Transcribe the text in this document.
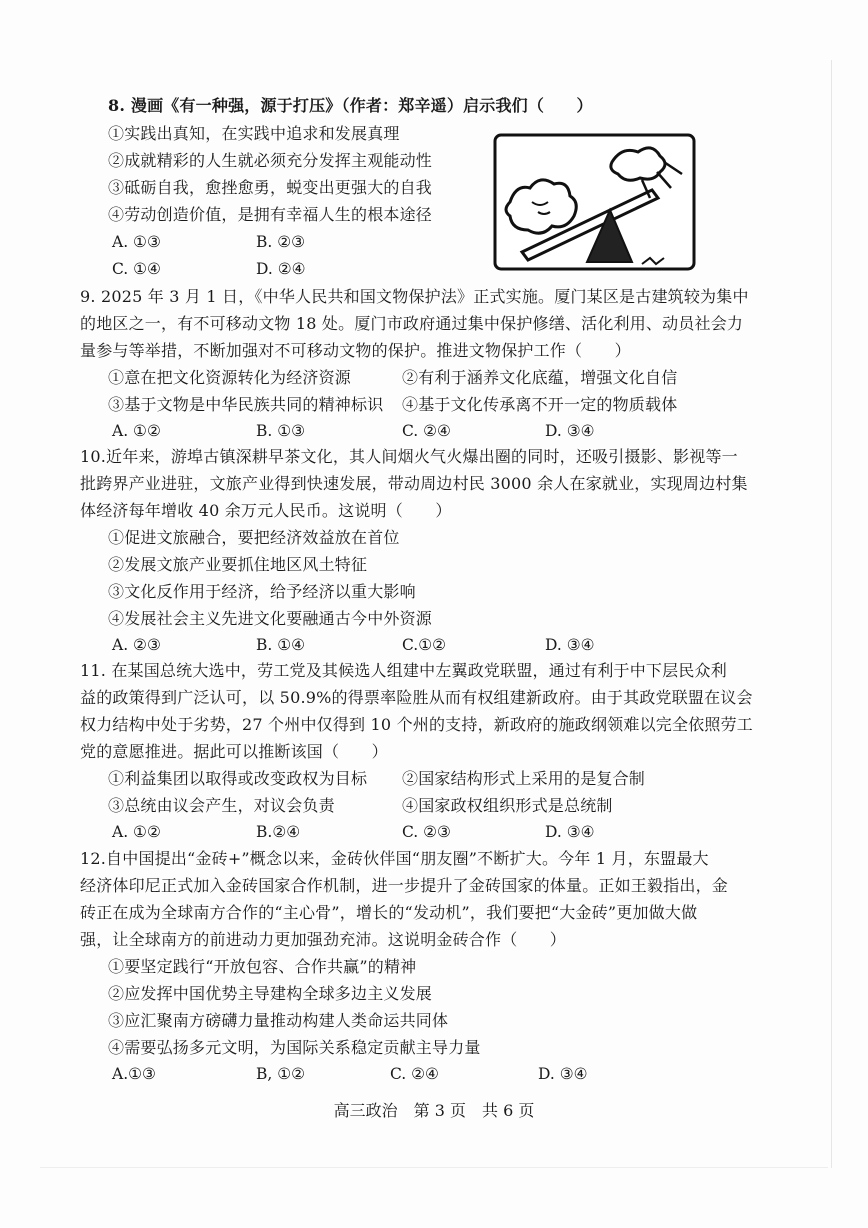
8. 漫画《有一种强，源于打压》（作者：郑辛遥）启示我们（　　）
①实践出真知，在实践中追求和发展真理
②成就精彩的人生就必须充分发挥主观能动性
③砥砺自我，愈挫愈勇，蜕变出更强大的自我
④劳动创造价值，是拥有幸福人生的根本途径
A. ①③	B. ②③
C. ①④	D. ②④
9. 2025 年 3 月 1 日，《中华人民共和国文物保护法》正式实施。厦门某区是古建筑较为集中
的地区之一，有不可移动文物 18 处。厦门市政府通过集中保护修缮、活化利用、动员社会力
量参与等举措，不断加强对不可移动文物的保护。推进文物保护工作（　　）
①意在把文化资源转化为经济资源	②有利于涵养文化底蕴，增强文化自信
③基于文物是中华民族共同的精神标识 ④基于文化传承离不开一定的物质载体
A. ①②	B. ①③	C. ②④	D. ③④
10.近年来，游埠古镇深耕早茶文化，其人间烟火气火爆出圈的同时，还吸引摄影、影视等一
批跨界产业进驻，文旅产业得到快速发展，带动周边村民 3000 余人在家就业，实现周边村集
体经济每年增收 40 余万元人民币。这说明（　　）
①促进文旅融合，要把经济效益放在首位
②发展文旅产业要抓住地区风土特征
③文化反作用于经济，给予经济以重大影响
④发展社会主义先进文化要融通古今中外资源
A. ②③	B. ①④	C.①②	D. ③④
11. 在某国总统大选中，劳工党及其候选人组建中左翼政党联盟，通过有利于中下层民众利
益的政策得到广泛认可，以 50.9%的得票率险胜从而有权组建新政府。由于其政党联盟在议会
权力结构中处于劣势，27 个州中仅得到 10 个州的支持，新政府的施政纲领难以完全依照劳工
党的意愿推进。据此可以推断该国（　　）
①利益集团以取得或改变政权为目标 ②国家结构形式上采用的是复合制
③总统由议会产生，对议会负责	④国家政权组织形式是总统制
A. ①②	B.②④	C. ②③	D. ③④
12.自中国提出“金砖+”概念以来，金砖伙伴国“朋友圈”不断扩大。今年 1 月，东盟最大
经济体印尼正式加入金砖国家合作机制，进一步提升了金砖国家的体量。正如王毅指出，金
砖正在成为全球南方合作的“主心骨”，增长的“发动机”，我们要把“大金砖”更加做大做
强，让全球南方的前进动力更加强劲充沛。这说明金砖合作（　　）
①要坚定践行“开放包容、合作共赢”的精神
②应发挥中国优势主导建构全球多边主义发展
③应汇聚南方磅礴力量推动构建人类命运共同体
④需要弘扬多元文明，为国际关系稳定贡献主导力量
A.①③	B, ①②	C. ②④	D. ③④
高三政治　第 3 页　共 6 页
